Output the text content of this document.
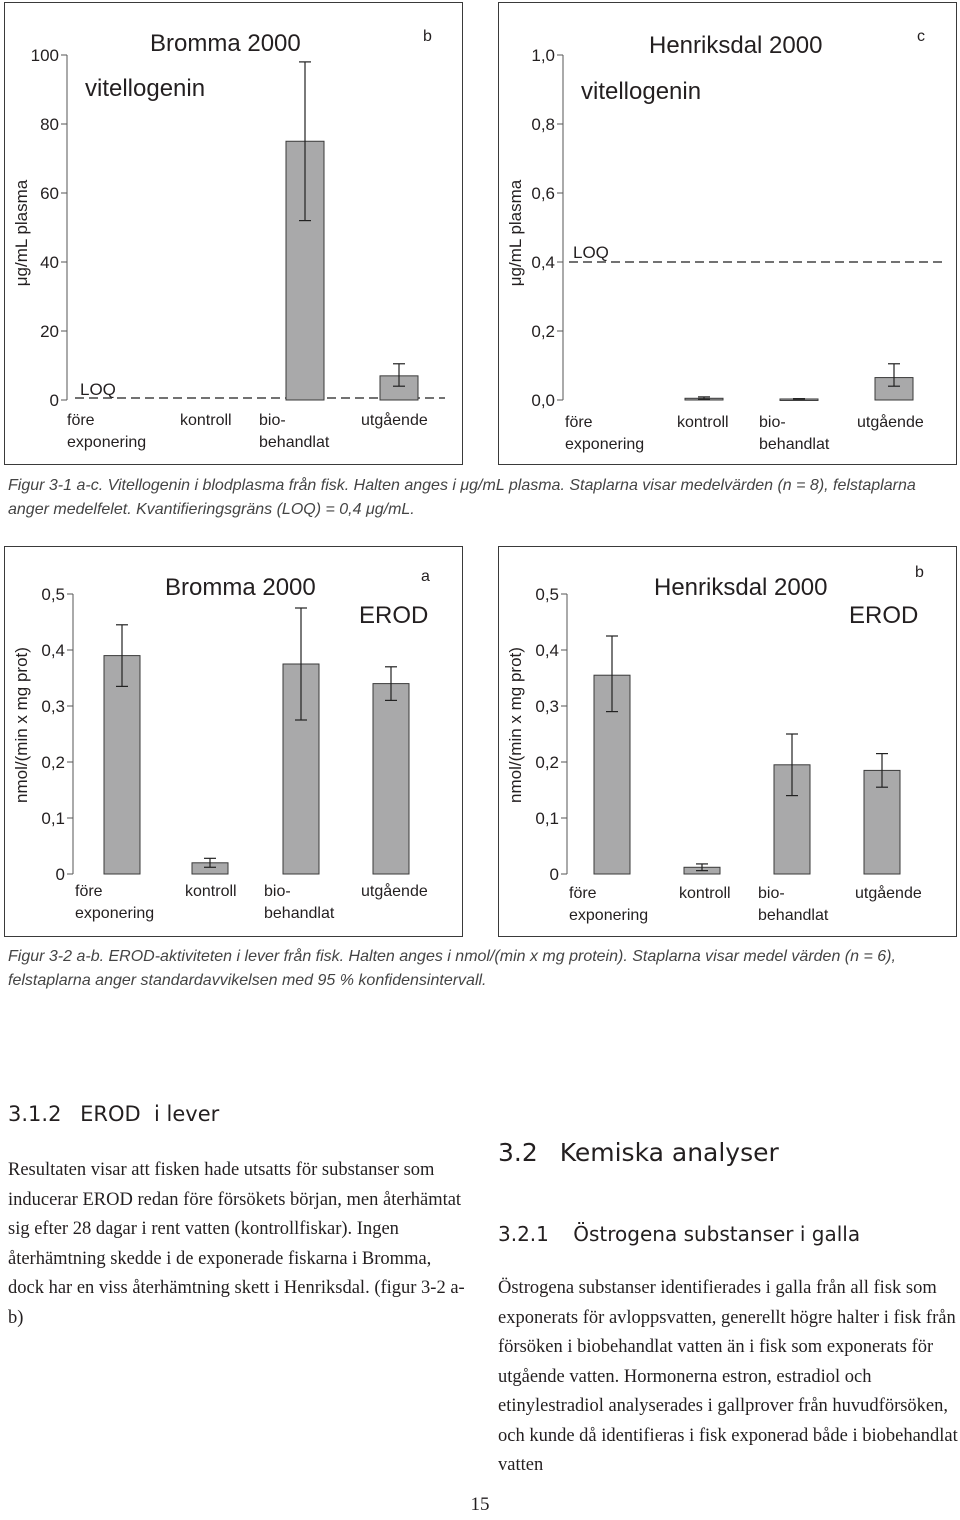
Bromma 2000
vitellogenin
b
μg/mL plasma
0
20
40
60
80
100
LOQ
före
exponering
kontroll bio-
behandlat
utgående
Henriksdal 2000
vitellogenin
c
μg/mL plasma
0,0
0,2
0,4
0,6
0,8
1,0
LOQ
före
exponering
kontroll bio-
behandlat
utgående
Figur 3-1 a-c. Vitellogenin i blodplasma från fisk. Halten anges i μg/mL plasma. Staplarna visar medelvärden (n = 8), felstaplarna anger medelfelet. Kvantifieringsgräns (LOQ) = 0,4 μg/mL.
Bromma 2000
EROD
a
nmol/(min x mg prot)
0
0,1
0,2
0,3
0,4
0,5
före
exponering
kontroll bio-
behandlat
utgående
Henriksdal 2000
EROD
b
nmol/(min x mg prot)
0
0,1
0,2
0,3
0,4
0,5
före
exponering
kontroll bio-
behandlat
utgående
Figur 3-2 a-b. EROD-aktiviteten i lever från fisk. Halten anges i nmol/(min x mg protein). Staplarna visar medel värden (n = 6), felstaplarna anger standardavvikelsen med 95 % konfidensintervall.
3.1.2 EROD  i lever
Resultaten visar att fisken hade utsatts för substanser som inducerar EROD redan före försökets början, men återhämtat sig efter 28 dagar i rent vatten (kontrollfiskar). Ingen återhämtning skedde i de exponerade fiskarna i Bromma, dock har en viss återhämtning skett i Henriksdal. (figur 3-2 a-b)
3.2 Kemiska analyser
3.2.1 Östrogena substanser i galla
Östrogena substanser identifierades i galla från all fisk som exponerats för avloppsvatten, generellt högre halter i fisk från försöken i biobehandlat vatten än i fisk som exponerats för utgående vatten. Hormonerna estron, estradiol och etinylestradiol analyserades i gallprover från huvudförsöken, och kunde då identifieras i fisk exponerad både i biobehandlat vatten
15
